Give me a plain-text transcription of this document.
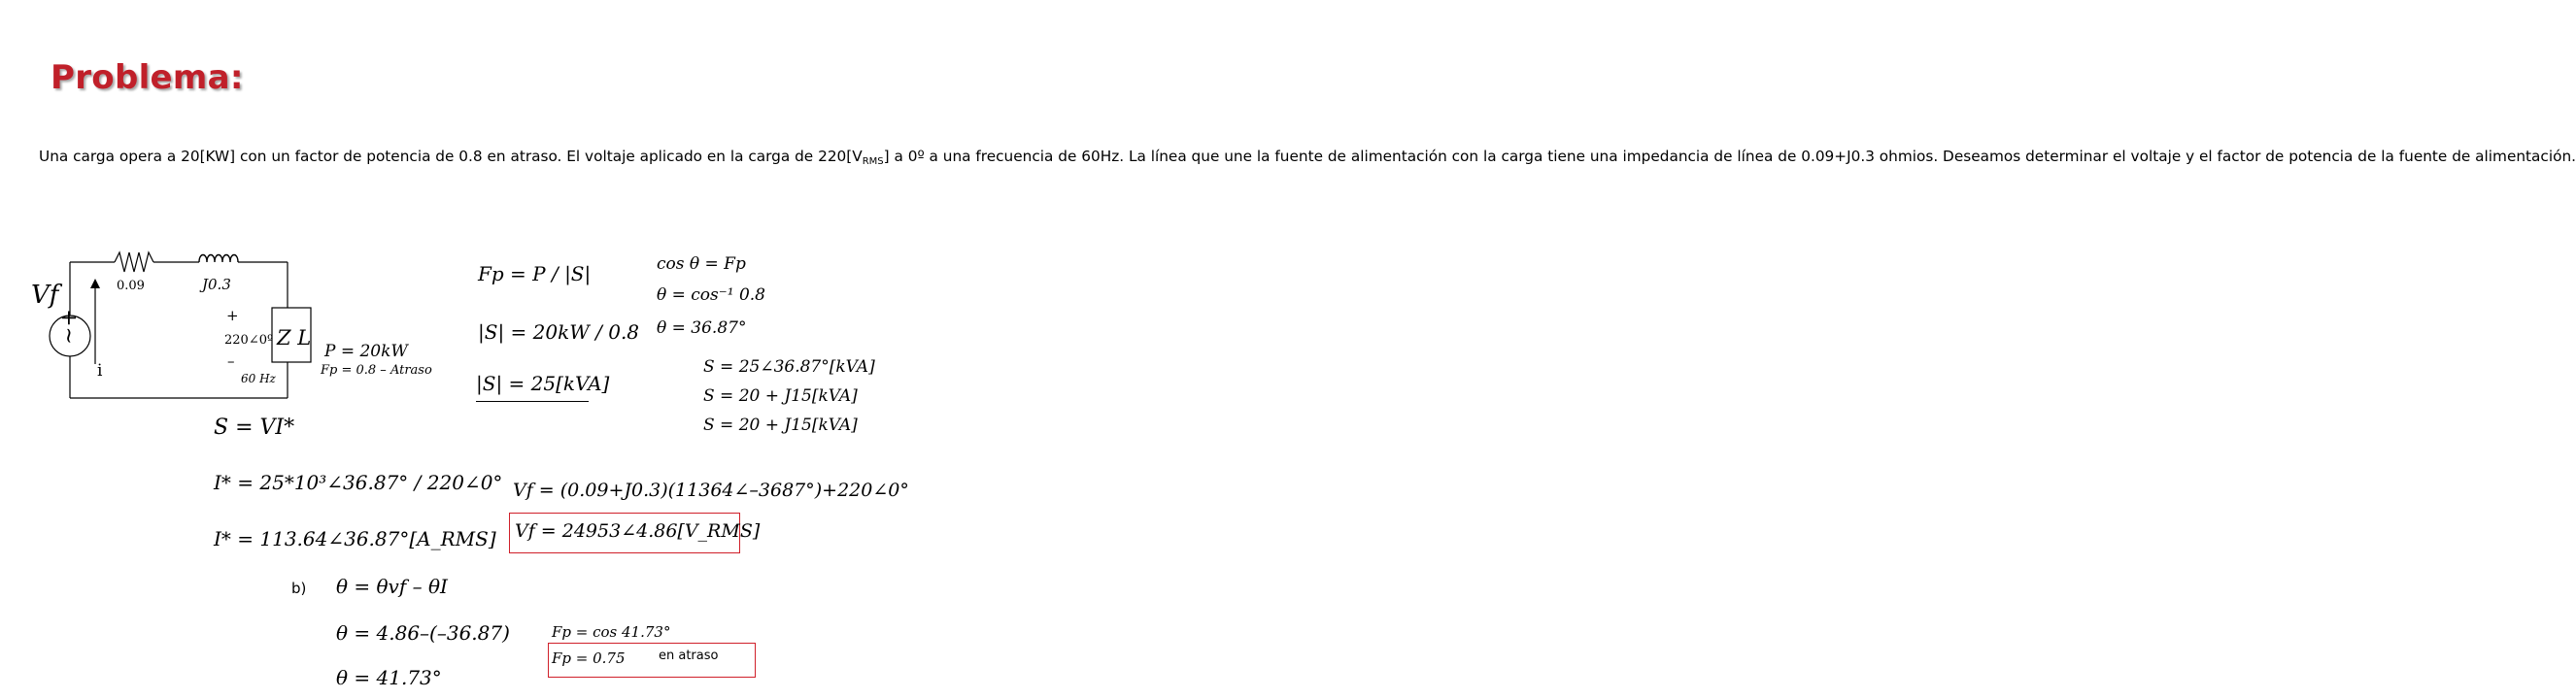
Problema:

Una carga opera a 20[KW] con un factor de potencia de 0.8 en atraso. El voltaje aplicado en la carga de $220[V_{RMS}]$ a 0º a una frecuencia de 60Hz. La línea que une la fuente de alimentación con la carga tiene una impedancia de línea de 0.09+J0.3 ohmios. Deseamos determinar el voltaje y el factor de potencia de la fuente de alimentación.

~+
Vf	0.09	J0.3
i
+
220∠0º
–
60 Hz
Z L
P = 20kW
Fp = 0.8 – Atraso
Fp = P / |S|
|S| = 20kW / 0.8
|S| = 25[kVA]
cos θ = Fp
θ = cos⁻¹ 0.8
θ = 36.87°
S = 25∠36.87°[kVA]
S = 20 + J15[kVA]
S = 20 + J15[kVA]
S = VI*
I* = 25*10³∠36.87° / 220∠0°
I* = 113.64∠36.87°[A_RMS]
Vf = (0.09+J0.3)(11364∠–3687°)+220∠0°
Vf = 24953∠4.86[V_RMS]
b) θ = θvf – θI
θ = 4.86–(–36.87)
θ = 41.73°
Fp = cos 41.73°
Fp = 0.75	en atraso
